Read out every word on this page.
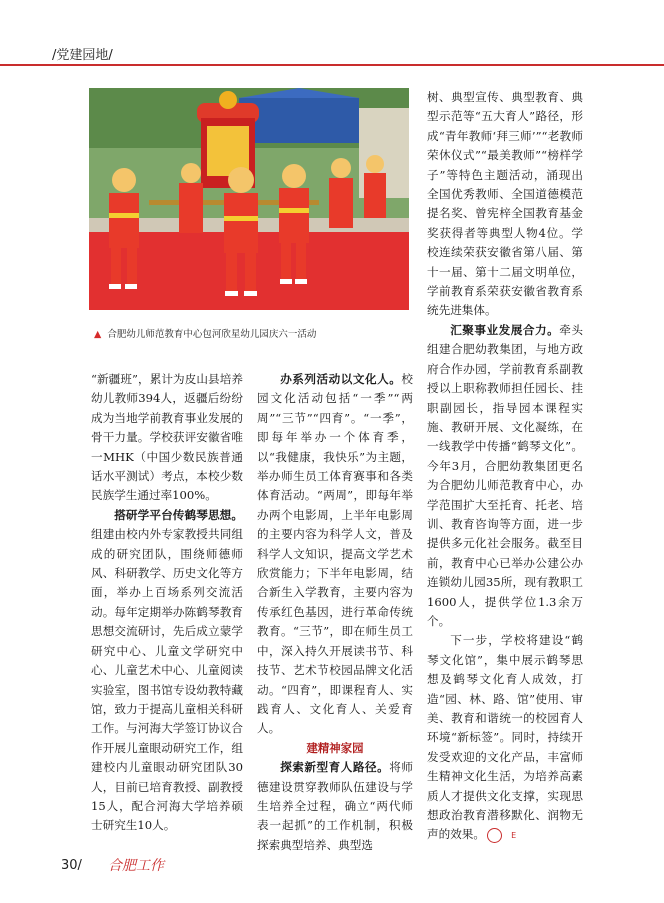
/党建园地/
▲ 合肥幼儿师范教育中心包河欣星幼儿园庆六一活动

“新疆班”，累计为皮山县培养幼儿教师394人，返疆后纷纷成为当地学前教育事业发展的骨干力量。学校获评安徽省唯一MHK（中国少数民族普通话水平测试）考点，本校少数民族学生通过率100%。

搭研学平台传鹤琴思想。组建由校内外专家教授共同组成的研究团队，围绕师德师风、科研教学、历史文化等方面，举办上百场系列交流活动。每年定期举办陈鹤琴教育思想交流研讨，先后成立蒙学研究中心、儿童文学研究中心、儿童艺术中心、儿童阅读实验室，图书馆专设幼教特藏馆，致力于提高儿童相关科研工作。与河海大学签订协议合作开展儿童眼动研究工作，组建校内儿童眼动研究团队30人，目前已培育教授、副教授15人，配合河海大学培养硕士研究生10人。

办系列活动以文化人。校园文化活动包括“一季”“两周”“三节”“四育”。“一季”，即每年举办一个体育季，以“我健康，我快乐”为主题，举办师生员工体育赛事和各类体育活动。“两周”，即每年举办两个电影周，上半年电影周的主要内容为科学人文，普及科学人文知识，提高文学艺术欣赏能力；下半年电影周，结合新生入学教育，主要内容为传承红色基因，进行革命传统教育。“三节”，即在师生员工中，深入持久开展读书节、科技节、艺术节校园品牌文化活动。“四育”，即课程育人、实践育人、文化育人、关爱育人。

建精神家园

探索新型育人路径。将师德建设贯穿教师队伍建设与学生培养全过程，确立“两代师表一起抓”的工作机制，积极探索典型培养、典型选

树、典型宣传、典型教育、典型示范等“五大育人”路径，形成“青年教师‘拜三师’”“老教师荣休仪式”“最美教师”“榜样学子”等特色主题活动，涌现出全国优秀教师、全国道德模范提名奖、曾宪梓全国教育基金奖获得者等典型人物4位。学校连续荣获安徽省第八届、第十一届、第十二届文明单位，学前教育系荣获安徽省教育系统先进集体。

汇聚事业发展合力。牵头组建合肥幼教集团，与地方政府合作办园，学前教育系副教授以上职称教师担任园长、挂职副园长，指导园本课程实施、教研开展、文化凝练，在一线教学中传播“鹤琴文化”。今年3月，合肥幼教集团更名为合肥幼儿师范教育中心，办学范围扩大至托育、托老、培训、教育咨询等方面，进一步提供多元化社会服务。截至目前，教育中心已举办公建公办连锁幼儿园35所，现有教职工1600人，提供学位1.3余万个。

下一步，学校将建设“鹤琴文化馆”，集中展示鹤琴思想及鹤琴文化育人成效，打造“园、林、路、馆”使用、审美、教育和谐统一的校园育人环境“新标签”。同时，持续开发受欢迎的文化产品，丰富师生精神文化生活，为培养高素质人才提供文化支撑，实现思想政治教育潜移默化、润物无声的效果。	E

30/ 合肥工作
